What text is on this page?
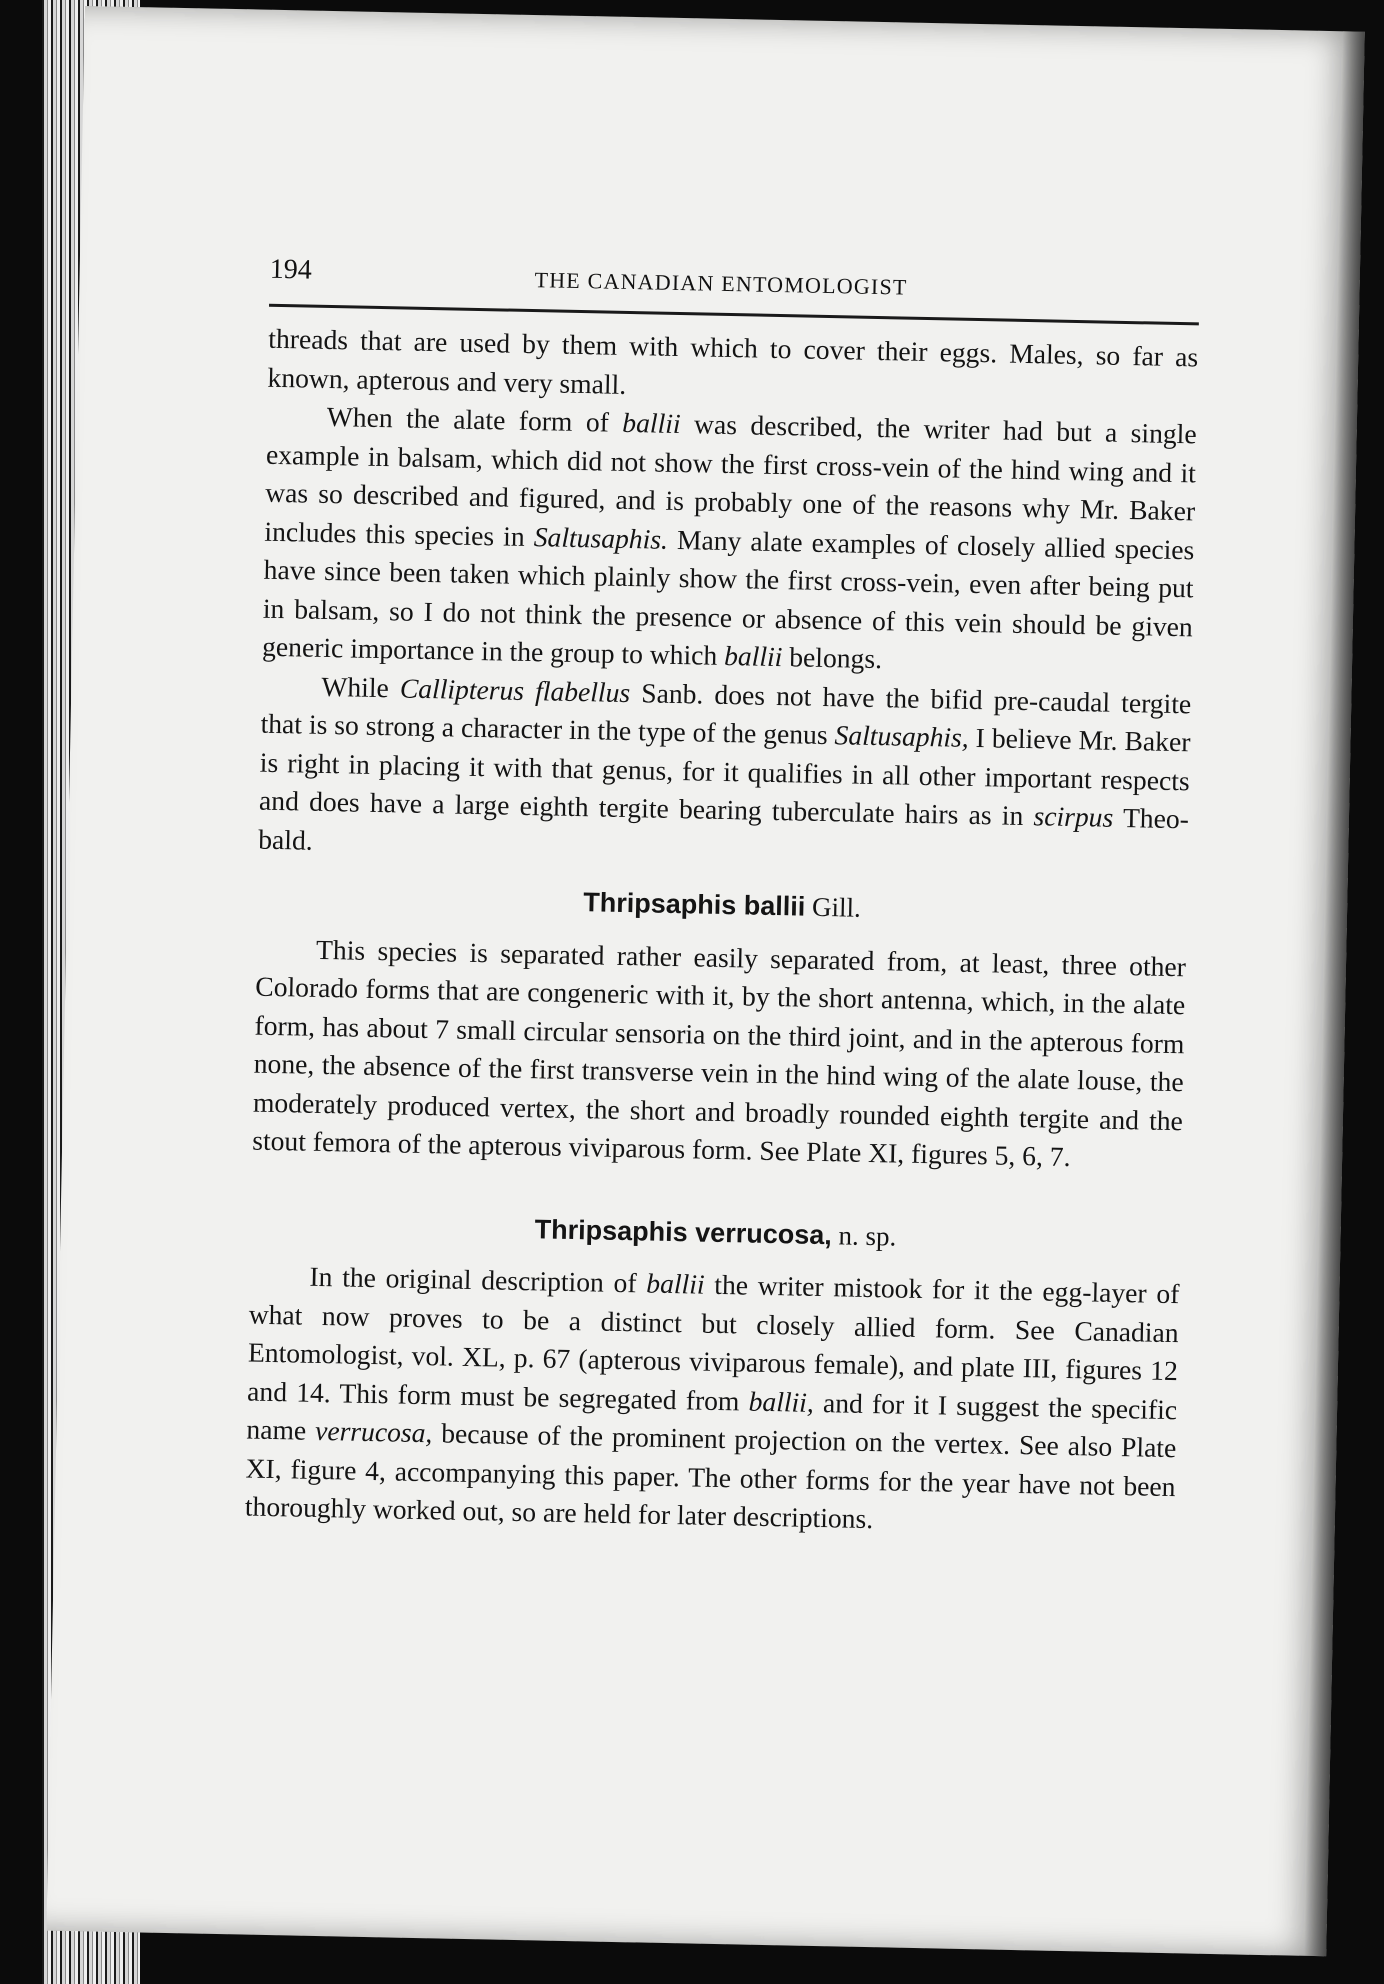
194	THE CANADIAN ENTOMOLOGIST

threads that are used by them with which to cover their eggs. Males, so far as known, apterous and very small.

When the alate form of ballii was described, the writer had but a single example in balsam, which did not show the first cross-vein of the hind wing and it was so described and figured, and is probably one of the reasons why Mr. Baker includes this species in Saltusaphis. Many alate examples of closely allied species have since been taken which plainly show the first cross-vein, even after being put in balsam, so I do not think the presence or absence of this vein should be given generic importance in the group to which ballii belongs.

While Callipterus flabellus Sanb. does not have the bifid pre-caudal tergite that is so strong a character in the type of the genus Saltusaphis, I believe Mr. Baker is right in placing it with that genus, for it qualifies in all other important respects and does have a large eighth tergite bearing tuberculate hairs as in scirpus Theo-bald.

Thripsaphis ballii Gill.

This species is separated rather easily separated from, at least, three other Colorado forms that are congeneric with it, by the short antenna, which, in the alate form, has about 7 small circular sensoria on the third joint, and in the apterous form none, the absence of the first transverse vein in the hind wing of the alate louse, the moderately produced vertex, the short and broadly rounded eighth tergite and the stout femora of the apterous viviparous form. See Plate XI, figures 5, 6, 7.

Thripsaphis verrucosa, n. sp.

In the original description of ballii the writer mistook for it the egg-layer of what now proves to be a distinct but closely allied form. See Canadian Entomologist, vol. XL, p. 67 (apterous viviparous female), and plate III, figures 12 and 14. This form must be segregated from ballii, and for it I suggest the specific name verrucosa, because of the prominent projection on the vertex. See also Plate XI, figure 4, accompanying this paper. The other forms for the year have not been thoroughly worked out, so are held for later descriptions.
